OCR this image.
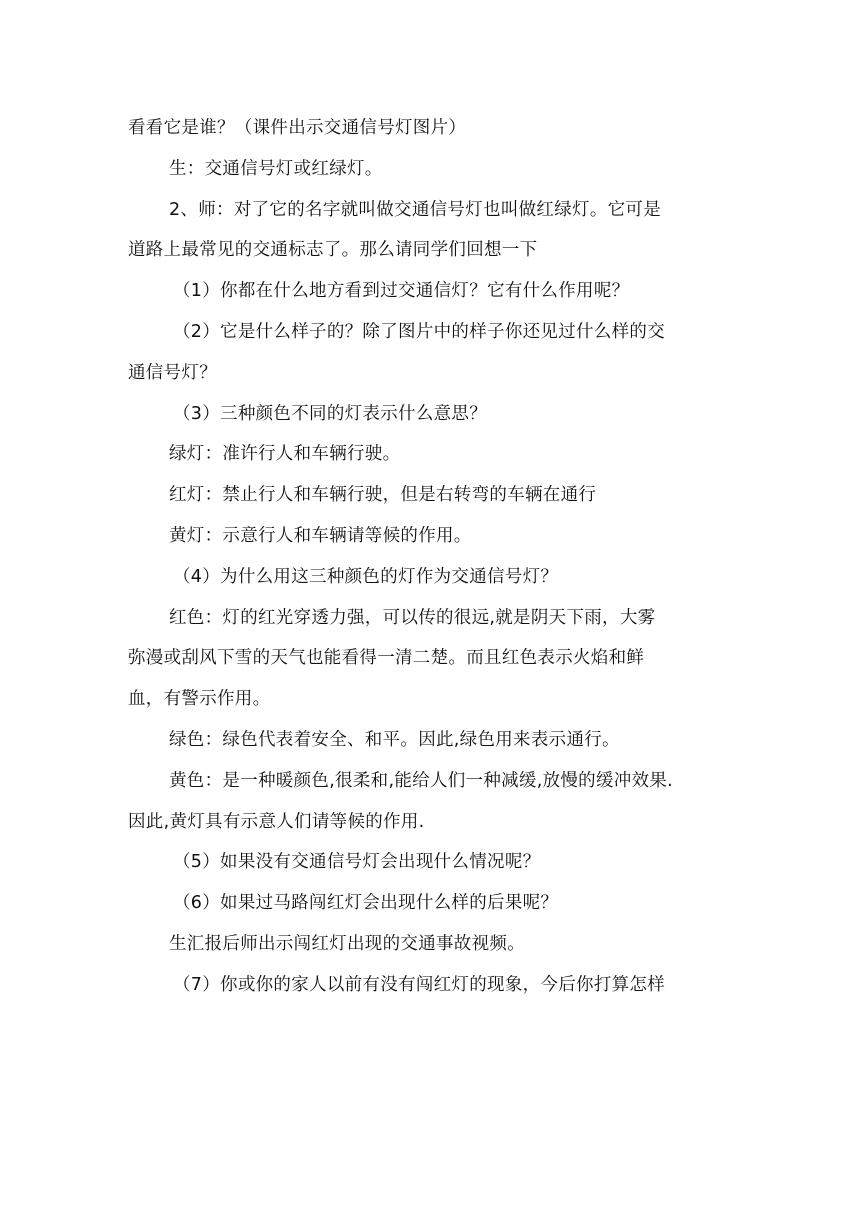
看看它是谁？（课件出示交通信号灯图片）
生：交通信号灯或红绿灯。
2、师：对了它的名字就叫做交通信号灯也叫做红绿灯。它可是
道路上最常见的交通标志了。那么请同学们回想一下
（1）你都在什么地方看到过交通信灯？它有什么作用呢？
（2）它是什么样子的？除了图片中的样子你还见过什么样的交
通信号灯？
（3）三种颜色不同的灯表示什么意思？
绿灯：准许行人和车辆行驶。
红灯：禁止行人和车辆行驶，但是右转弯的车辆在通行
黄灯：示意行人和车辆请等候的作用。
（4）为什么用这三种颜色的灯作为交通信号灯？
红色：灯的红光穿透力强，可以传的很远,就是阴天下雨，大雾
弥漫或刮风下雪的天气也能看得一清二楚。而且红色表示火焰和鲜
血，有警示作用。
绿色：绿色代表着安全、和平。因此,绿色用来表示通行。
黄色：是一种暖颜色,很柔和,能给人们一种减缓,放慢的缓冲效果.
因此,黄灯具有示意人们请等候的作用.
（5）如果没有交通信号灯会出现什么情况呢？
（6）如果过马路闯红灯会出现什么样的后果呢？
生汇报后师出示闯红灯出现的交通事故视频。
（7）你或你的家人以前有没有闯红灯的现象，今后你打算怎样
